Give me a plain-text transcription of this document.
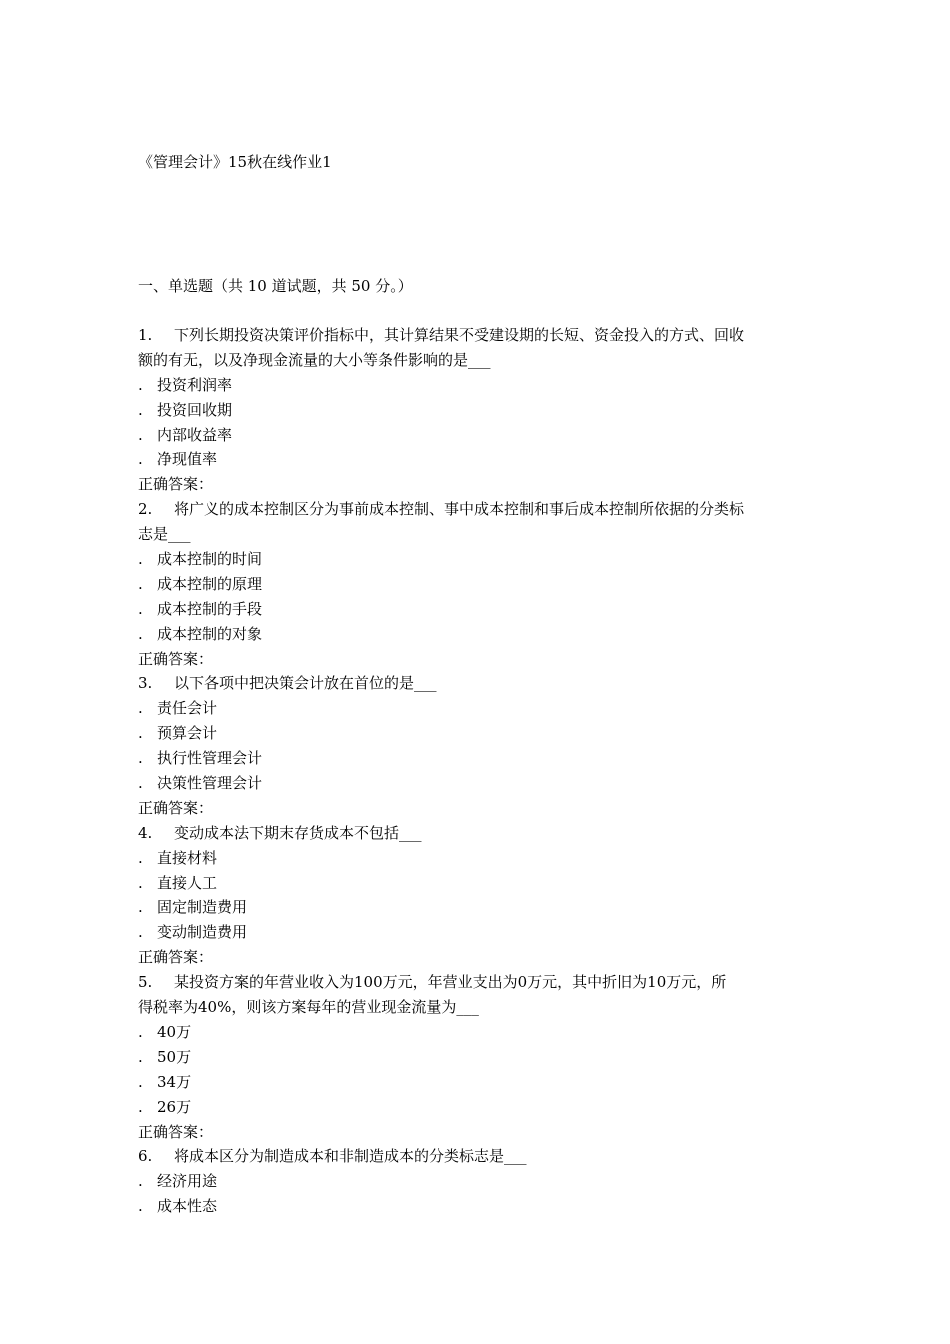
《管理会计》15秋在线作业1
一、单选题（共 10 道试题，共 50 分。）
1. 下列长期投资决策评价指标中，其计算结果不受建设期的长短、资金投入的方式、回收
额的有无，以及净现金流量的大小等条件影响的是___
. 投资利润率
. 投资回收期
. 内部收益率
. 净现值率
正确答案：
2. 将广义的成本控制区分为事前成本控制、事中成本控制和事后成本控制所依据的分类标
志是___
. 成本控制的时间
. 成本控制的原理
. 成本控制的手段
. 成本控制的对象
正确答案：
3. 以下各项中把决策会计放在首位的是___
. 责任会计
. 预算会计
. 执行性管理会计
. 决策性管理会计
正确答案：
4. 变动成本法下期末存货成本不包括___
. 直接材料
. 直接人工
. 固定制造费用
. 变动制造费用
正确答案：
5. 某投资方案的年营业收入为100万元，年营业支出为0万元，其中折旧为10万元，所
得税率为40%，则该方案每年的营业现金流量为___
. 40万
. 50万
. 34万
. 26万
正确答案：
6. 将成本区分为制造成本和非制造成本的分类标志是___
. 经济用途
. 成本性态
